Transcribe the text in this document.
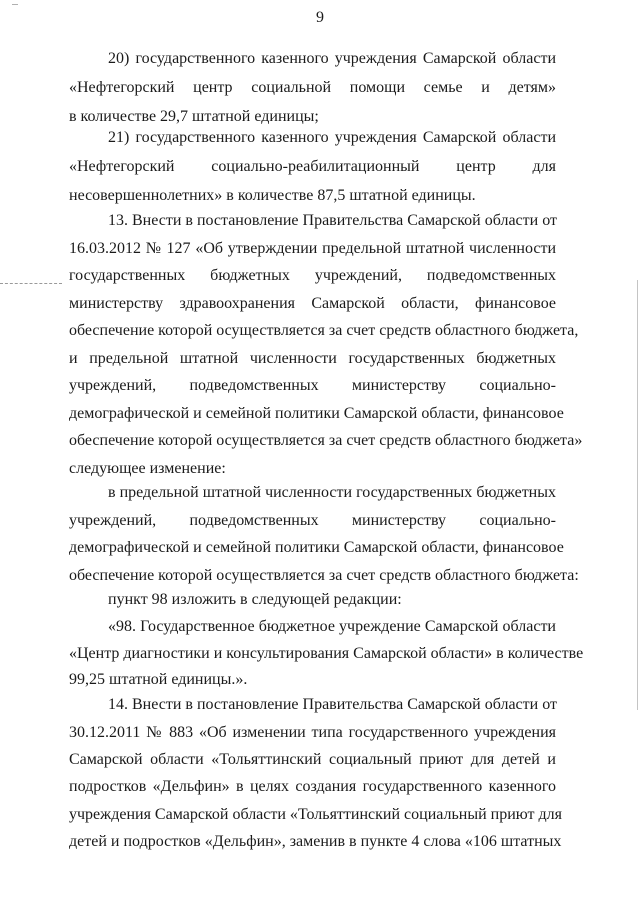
9
20) государственного казенного учреждения Самарской области
«Нефтегорский центр социальной помощи семье и детям»
в количестве 29,7 штатной единицы;
21) государственного казенного учреждения Самарской области
«Нефтегорский социально-реабилитационный центр для
несовершеннолетних» в количестве 87,5 штатной единицы.
13. Внести в постановление Правительства Самарской области от
16.03.2012 № 127 «Об утверждении предельной штатной численности
государственных бюджетных учреждений, подведомственных
министерству здравоохранения Самарской области, финансовое
обеспечение которой осуществляется за счет средств областного бюджета,
и предельной штатной численности государственных бюджетных
учреждений, подведомственных министерству социально-
демографической и семейной политики Самарской области, финансовое
обеспечение которой осуществляется за счет средств областного бюджета»
следующее изменение:
в предельной штатной численности государственных бюджетных
учреждений, подведомственных министерству социально-
демографической и семейной политики Самарской области, финансовое
обеспечение которой осуществляется за счет средств областного бюджета:
пункт 98 изложить в следующей редакции:
«98. Государственное бюджетное учреждение Самарской области
«Центр диагностики и консультирования Самарской области» в количестве
99,25 штатной единицы.».
14. Внести в постановление Правительства Самарской области от
30.12.2011 № 883 «Об изменении типа государственного учреждения
Самарской области «Тольяттинский социальный приют для детей и
подростков «Дельфин» в целях создания государственного казенного
учреждения Самарской области «Тольяттинский социальный приют для
детей и подростков «Дельфин», заменив в пункте 4 слова «106 штатных
